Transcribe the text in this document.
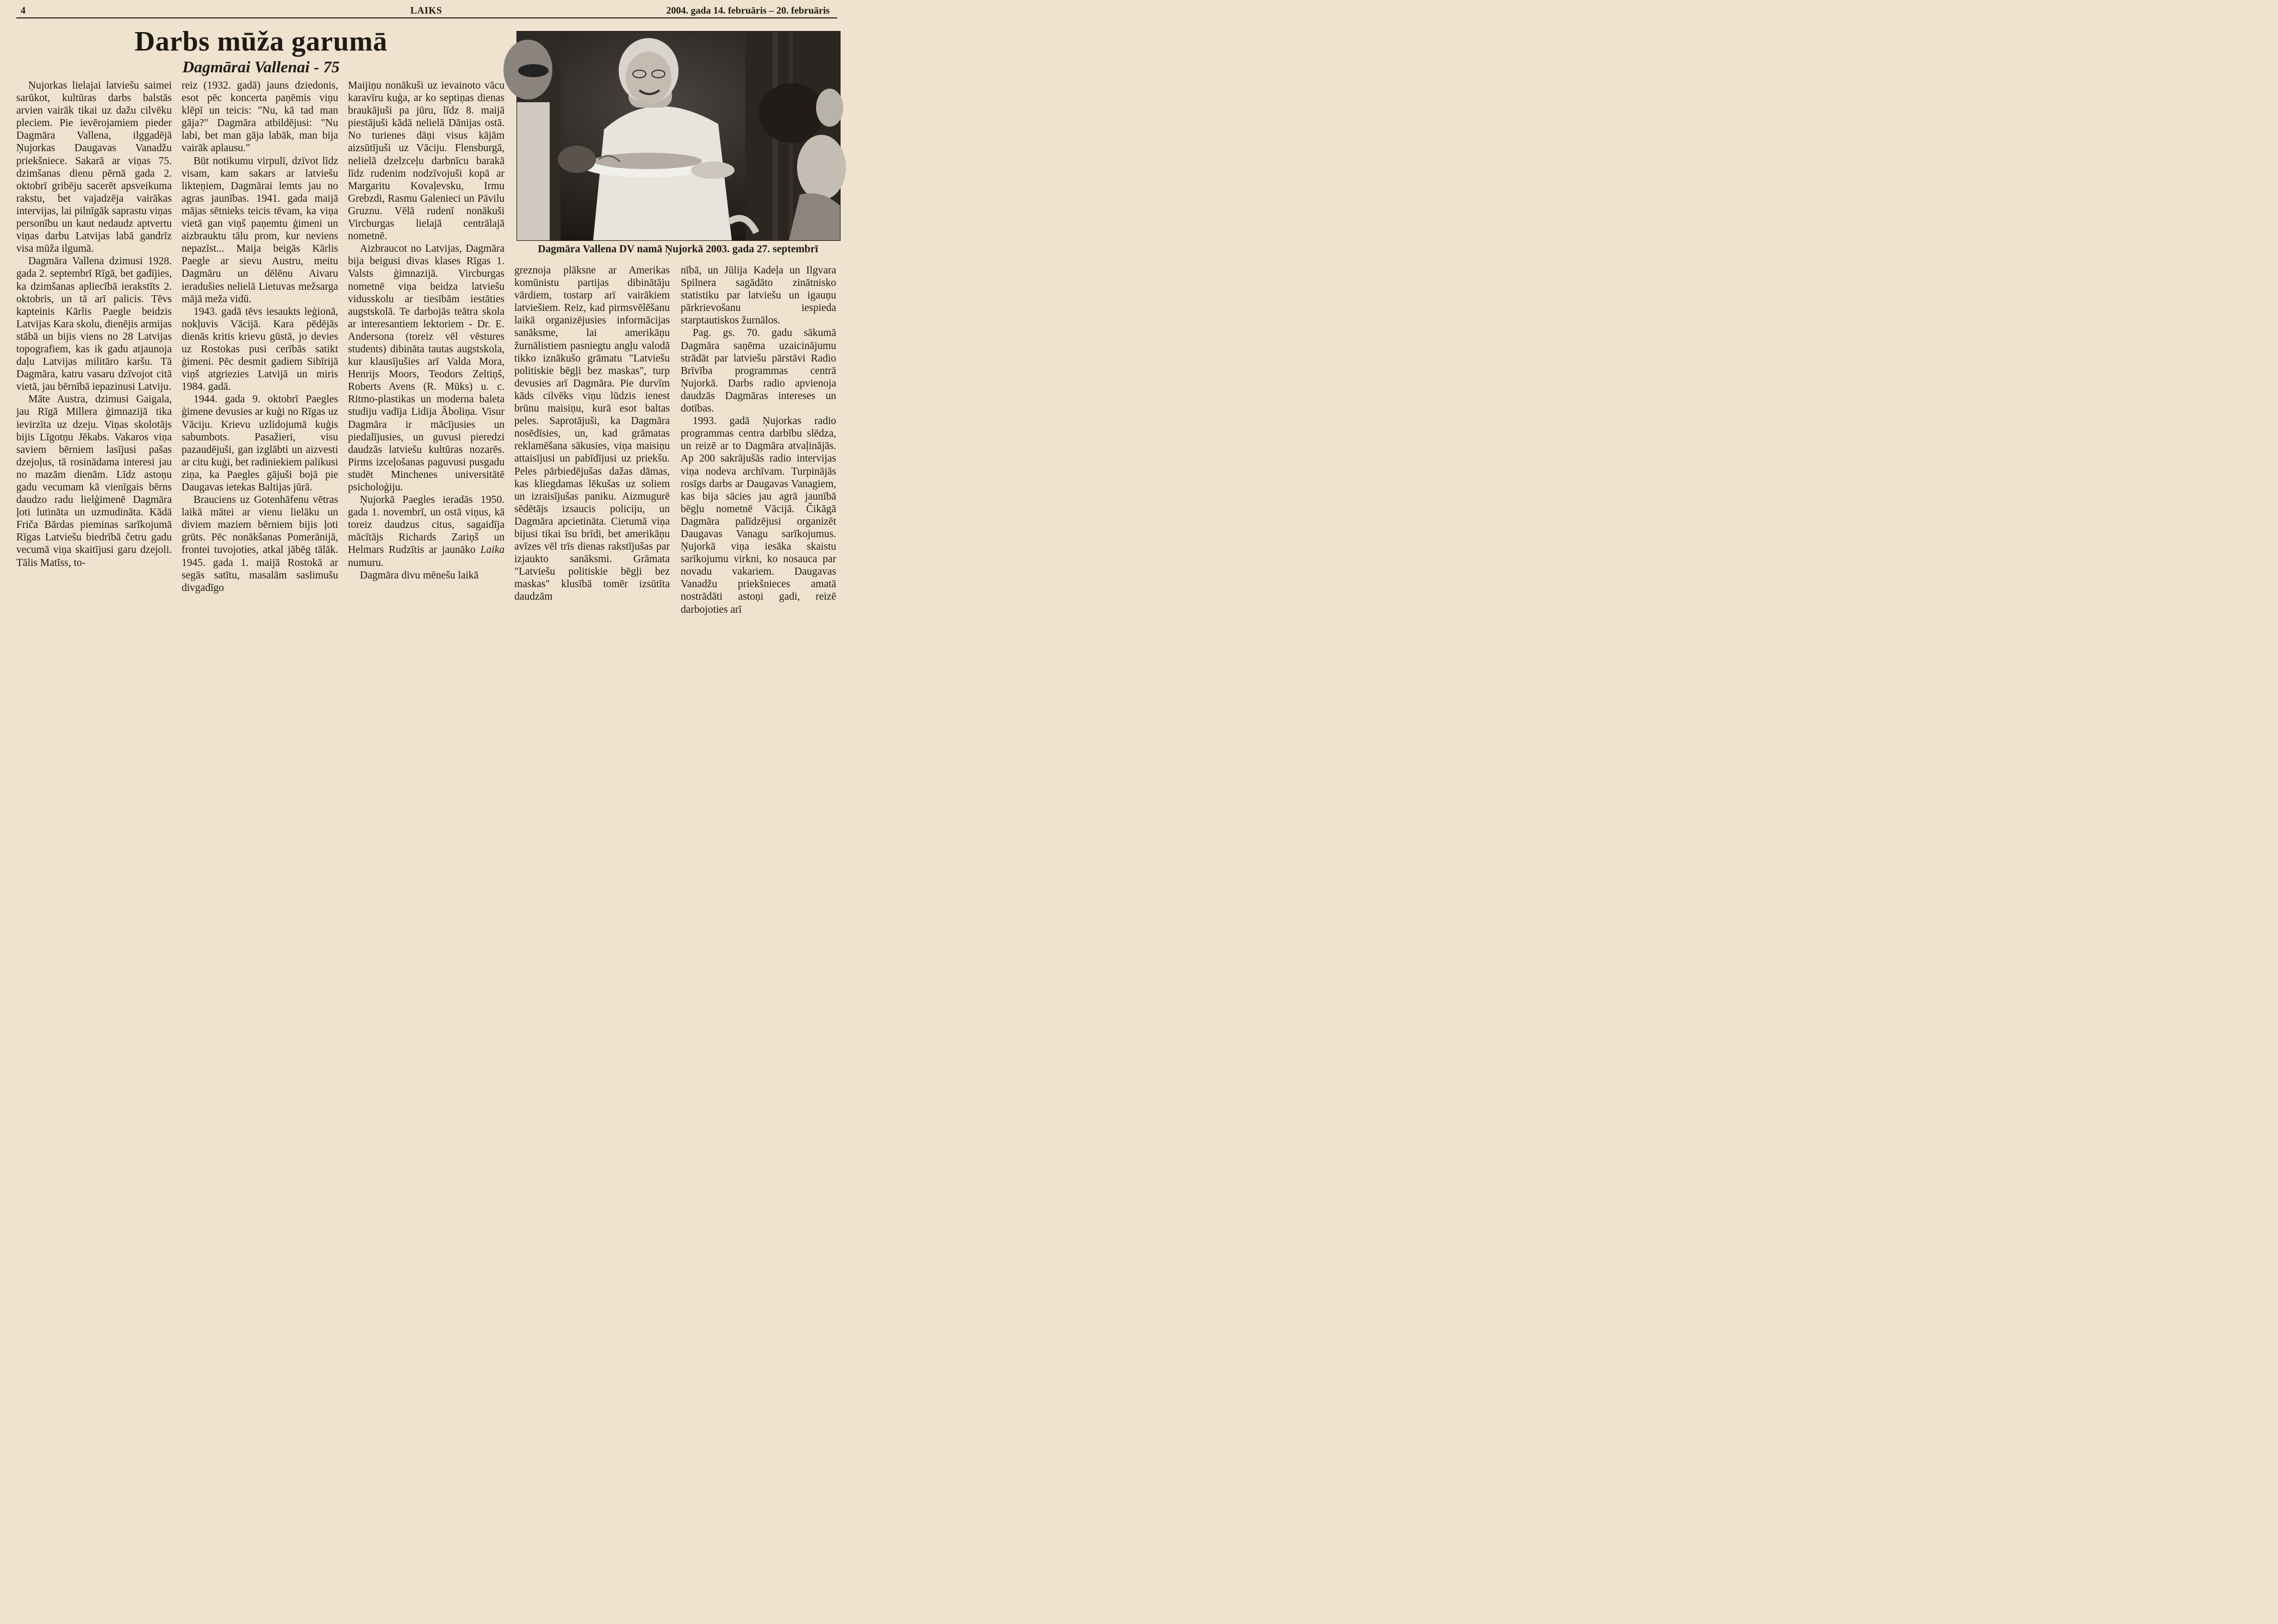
4	LAIKS	2004. gada 14. februāris – 20. februāris
Darbs mūža garumā
Dagmārai Vallenai - 75

Ņujorkas lielajai latviešu saimei sarūkot, kultūras darbs balstās arvien vairāk tikai uz dažu cilvēku pleciem. Pie ievērojamiem pieder Dagmāra Vallena, ilggadējā Ņujorkas Daugavas Vanadžu priekšniece. Sakarā ar viņas 75. dzimšanas dienu pērnā gada 2. oktobrī gribēju sacerēt apsveikuma rakstu, bet vajadzēja vairākas intervijas, lai pilnīgāk saprastu viņas personību un kaut nedaudz aptvertu viņas darbu Latvijas labā gandrīz visa mūža ilgumā.

Dagmāra Vallena dzimusi 1928. gada 2. septembrī Rīgā, bet gadījies, ka dzimšanas apliecībā ierakstīts 2. oktobris, un tā arī palicis. Tēvs kapteinis Kārlis Paegle beidzis Latvijas Kara skolu, dienējis armijas stābā un bijis viens no 28 Latvijas topografiem, kas ik gadu atjaunoja daļu Latvijas militāro karšu. Tā Dagmāra, katru vasaru dzīvojot citā vietā, jau bērnībā iepazinusi Latviju.

Māte Austra, dzimusi Gaigala, jau Rīgā Millera ģimnazijā tika ievirzīta uz dzeju. Viņas skolotājs bijis Līgotņu Jēkabs. Vakaros viņa saviem bērniem lasījusi pašas dzejoļus, tā rosinādama interesi jau no mazām dienām. Līdz astoņu gadu vecumam kā vienīgais bērns daudzo radu lielģimenē Dagmāra ļoti lutināta un uzmudināta. Kādā Friča Bārdas pieminas sarīkojumā Rīgas Latviešu biedrībā četru gadu vecumā viņa skaitījusi garu dzejoli. Tālis Matīss, to-

reiz (1932. gadā) jauns dziedonis, esot pēc koncerta paņēmis viņu klēpī un teicis: "Nu, kā tad man gāja?" Dagmāra atbildējusi: "Nu labi, bet man gāja labāk, man bija vairāk aplausu."

Būt notikumu virpulī, dzīvot līdz visam, kam sakars ar latviešu likteņiem, Dagmārai lemts jau no agras jaunības. 1941. gada maijā mājas sētnieks teicis tēvam, ka viņa vietā gan viņš paņemtu ģimeni un aizbrauktu tālu prom, kur neviens nepazīst... Maija beigās Kārlis Paegle ar sievu Austru, meitu Dagmāru un dēlēnu Aivaru ieradušies nelielā Lietuvas mežsarga mājā meža vidū.

1943. gadā tēvs iesaukts leģionā, nokļuvis Vācijā. Kara pēdējās dienās kritis krievu gūstā, jo devies uz Rostokas pusi cerībās satikt ģimeni. Pēc desmit gadiem Sibīrijā viņš atgriezies Latvijā un miris 1984. gadā.

1944. gada 9. oktobrī Paegles ģimene devusies ar kuģi no Rīgas uz Vāciju. Krievu uzlidojumā kuģis sabumbots. Pasažieri, visu pazaudējuši, gan izglābti un aizvesti ar citu kuģi, bet radiniekiem palikusi ziņa, ka Paegles gājuši bojā pie Daugavas ietekas Baltijas jūrā.

Brauciens uz Gotenhāfenu vētras laikā mātei ar vienu lielāku un diviem maziem bērniem bijis ļoti grūts. Pēc nonākšanas Pomerānijā, frontei tuvojoties, atkal jābēg tālāk. 1945. gada 1. maijā Rostokā ar segās satītu, masalām saslimušu divgadīgo

Maijiņu nonākuši uz ievainoto vācu karavīru kuģa, ar ko septiņas dienas braukājuši pa jūru, līdz 8. maijā piestājuši kādā nelielā Dānijas ostā. No turienes dāņi visus kājām aizsūtījuši uz Vāciju. Flensburgā, nelielā dzelzceļu darbnīcu barakā līdz rudenim nodzīvojuši kopā ar Margaritu Kovaļevsku, Irmu Grebzdi, Rasmu Galenieci un Pāvilu Gruznu. Vēlā rudenī nonākuši Vircburgas lielajā centrālajā nometnē.

Aizbraucot no Latvijas, Dagmāra bija beigusi divas klases Rīgas 1. Valsts ģimnazijā. Vircburgas nometnē viņa beidza latviešu vidusskolu ar tiesībām iestāties augstskolā. Te darbojās teātra skola ar interesantiem lektoriem - Dr. E. Andersona (toreiz vēl vēstures students) dibināta tautas augstskola, kur klausījušies arī Valda Mora, Henrijs Moors, Teodors Zeltiņš, Roberts Avens (R. Mūks) u. c. Ritmo-plastikas un moderna baleta studiju vadīja Lidija Āboliņa. Visur Dagmāra ir mācījusies un piedalījusies, un guvusi pieredzi daudzās latviešu kultūras nozarēs. Pirms izceļošanas paguvusi pusgadu studēt Minchenes universitātē psicholoģiju.

Ņujorkā Paegles ieradās 1950. gada 1. novembrī, un ostā viņus, kā toreiz daudzus citus, sagaidīja mācītājs Richards Zariņš un Helmars Rudzītis ar jaunāko Laika numuru.

Dagmāra divu mēnešu laikā

Dagmāra Vallena DV namā Ņujorkā 2003. gada 27. septembrī

greznoja plāksne ar Amerikas komūnistu partijas dibinātāju vārdiem, tostarp arī vairākiem latviešiem. Reiz, kad pirmsvēlēšanu laikā organizējusies informācijas sanāksme, lai amerikāņu žurnālistiem pasniegtu angļu valodā tikko iznākušo grāmatu "Latviešu politiskie bēgļi bez maskas", turp devusies arī Dagmāra. Pie durvīm kāds cilvēks viņu lūdzis ienest brūnu maisiņu, kurā esot baltas peles. Saprotājuši, ka Dagmāra nosēdīsies, un, kad grāmatas reklamēšana sākusies, viņa maisiņu attaisījusi un pabīdījusi uz priekšu. Peles pārbiedējušas dažas dāmas, kas kliegdamas lēkušas uz soliem un izraisījušas paniku. Aizmugurē sēdētājs izsaucis policiju, un Dagmāra apcietināta. Cietumā viņa bijusi tikai īsu brīdi, bet amerikāņu avīzes vēl trīs dienas rakstījušas par izjaukto sanāksmi. Grāmata "Latviešu politiskie bēgļi bez maskas" klusībā tomēr izsūtīta daudzām

nībā, un Jūlija Kadeļa un Ilgvara Spilnera sagādāto zinātnisko statistiku par latviešu un igauņu pārkrievošanu iespieda starptautiskos žurnālos.

Pag. gs. 70. gadu sākumā Dagmāra saņēma uzaicinājumu strādāt par latviešu pārstāvi Radio Brīvība programmas centrā Ņujorkā. Darbs radio apvienoja daudzās Dagmāras intereses un dotības.

1993. gadā Ņujorkas radio programmas centra darbību slēdza, un reizē ar to Dagmāra atvaļinājās. Ap 200 sakrājušās radio intervijas viņa nodeva archīvam. Turpinājās rosīgs darbs ar Daugavas Vanagiem, kas bija sācies jau agrā jaunībā bēgļu nometnē Vācijā. Čikāgā Dagmāra palīdzējusi organizēt Daugavas Vanagu sarīkojumus. Ņujorkā viņa iesāka skaistu sarīkojumu virkni, ko nosauca par novadu vakariem. Daugavas Vanadžu priekšnieces amatā nostrādāti astoņi gadi, reizē darbojoties arī
